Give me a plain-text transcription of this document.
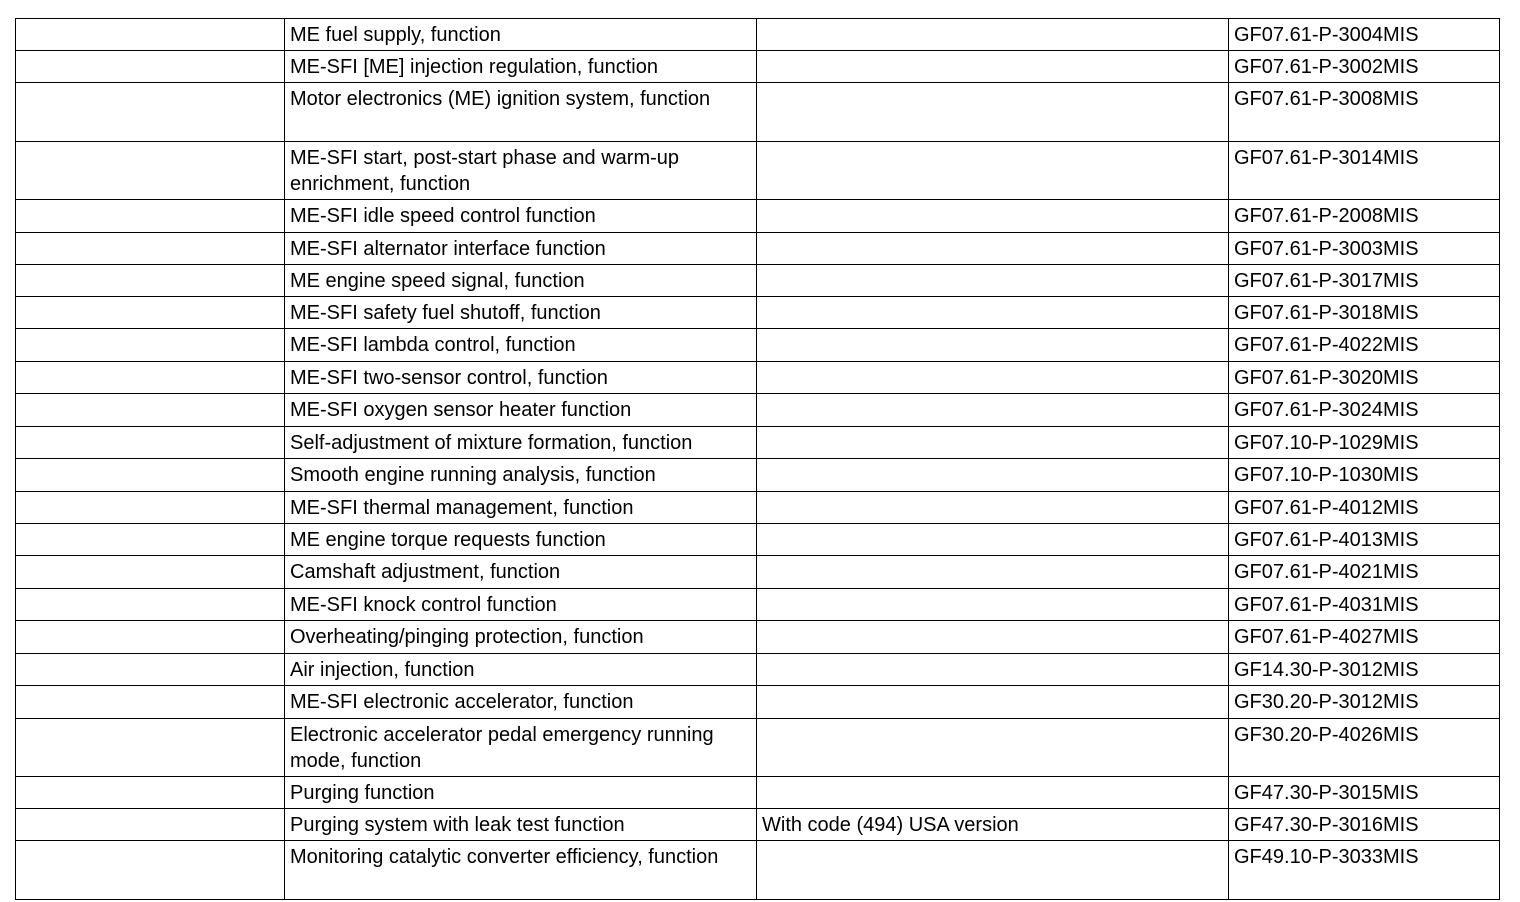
	ME fuel supply, function		GF07.61-P-3004MIS
	ME-SFI [ME] injection regulation, function		GF07.61-P-3002MIS
	Motor electronics (ME) ignition system, function		GF07.61-P-3008MIS
	ME-SFI start, post-start phase and warm-up enrichment, function		GF07.61-P-3014MIS
	ME-SFI idle speed control function		GF07.61-P-2008MIS
	ME-SFI alternator interface function		GF07.61-P-3003MIS
	ME engine speed signal, function		GF07.61-P-3017MIS
	ME-SFI safety fuel shutoff, function		GF07.61-P-3018MIS
	ME-SFI lambda control, function		GF07.61-P-4022MIS
	ME-SFI two-sensor control, function		GF07.61-P-3020MIS
	ME-SFI oxygen sensor heater function		GF07.61-P-3024MIS
	Self-adjustment of mixture formation, function		GF07.10-P-1029MIS
	Smooth engine running analysis, function		GF07.10-P-1030MIS
	ME-SFI thermal management, function		GF07.61-P-4012MIS
	ME engine torque requests function		GF07.61-P-4013MIS
	Camshaft adjustment, function		GF07.61-P-4021MIS
	ME-SFI knock control function		GF07.61-P-4031MIS
	Overheating/pinging protection, function		GF07.61-P-4027MIS
	Air injection, function		GF14.30-P-3012MIS
	ME-SFI electronic accelerator, function		GF30.20-P-3012MIS
	Electronic accelerator pedal emergency running mode, function		GF30.20-P-4026MIS
	Purging function		GF47.30-P-3015MIS
	Purging system with leak test function	With code (494) USA version	GF47.30-P-3016MIS
	Monitoring catalytic converter efficiency, function		GF49.10-P-3033MIS
